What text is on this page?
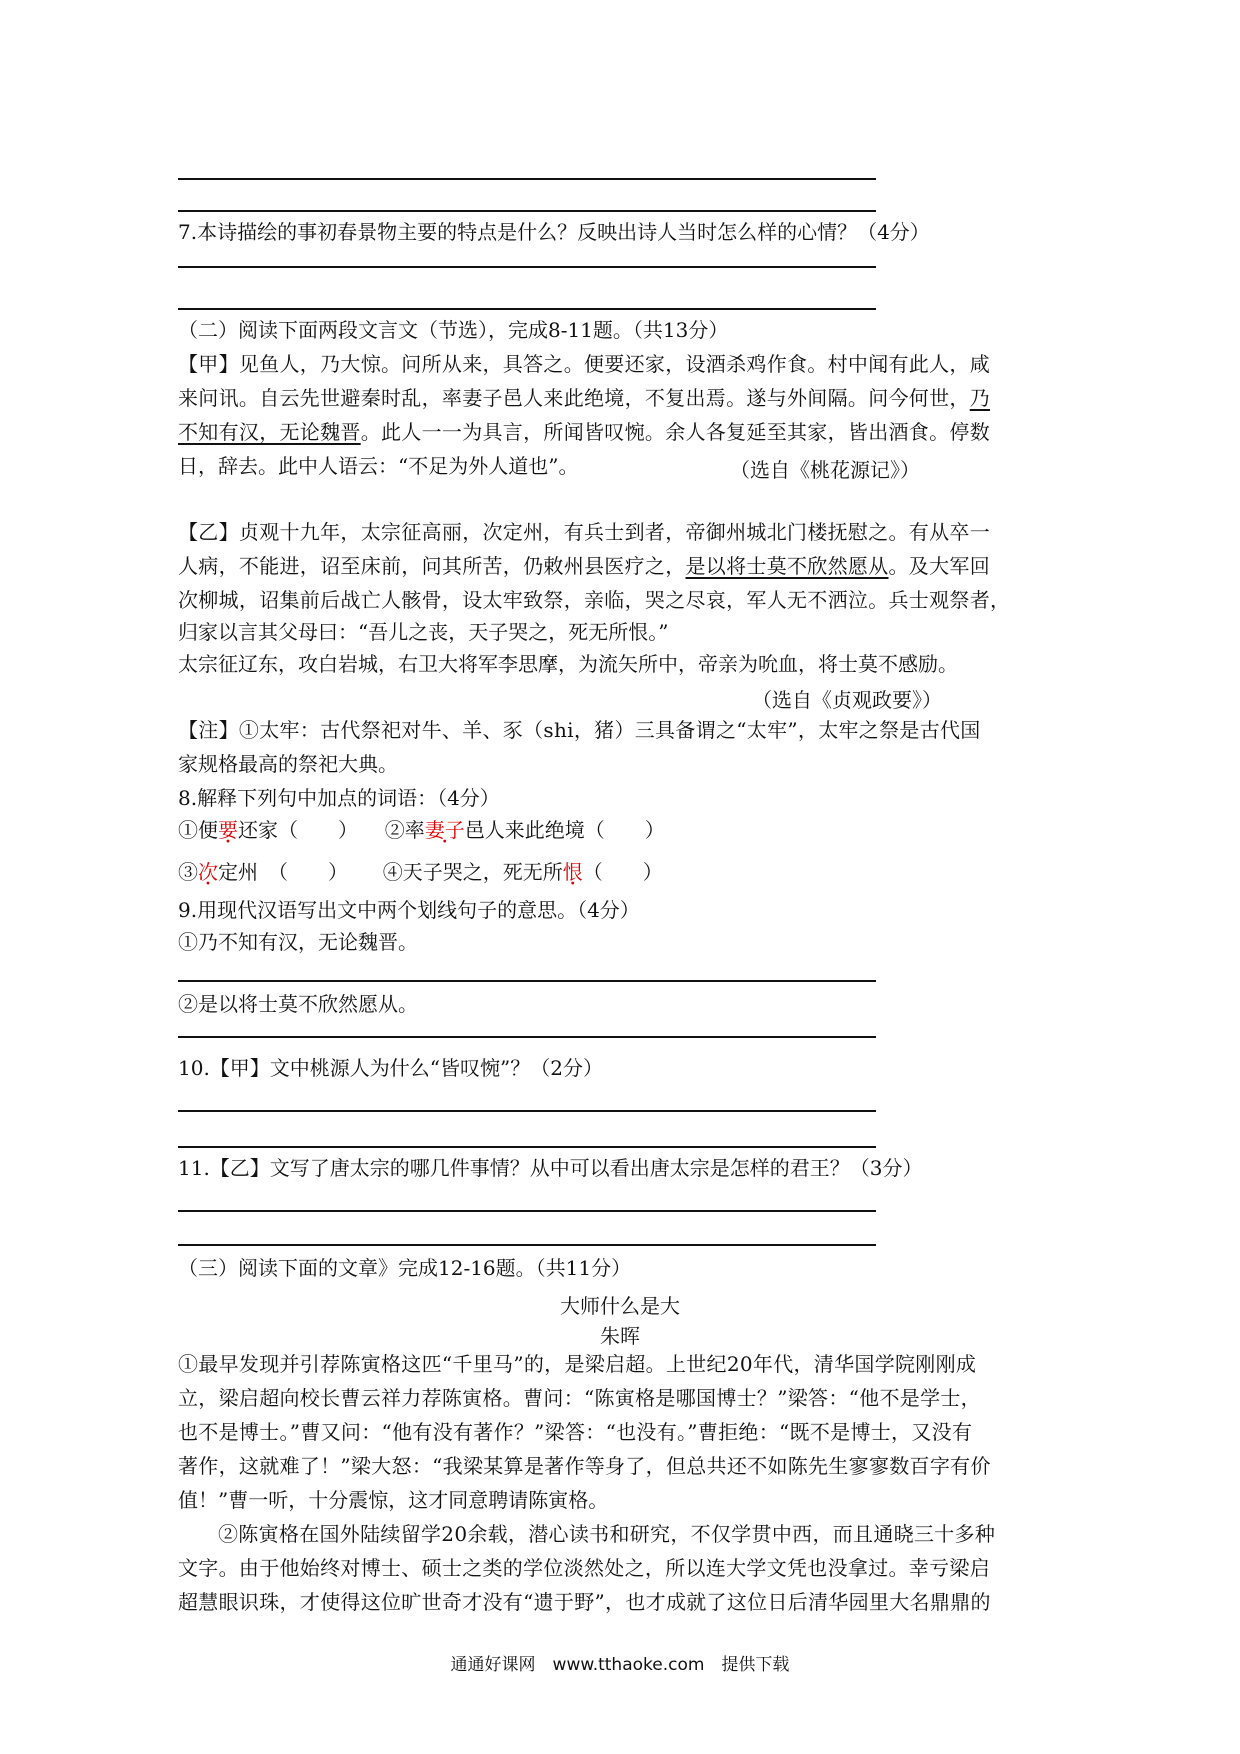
7.本诗描绘的事初春景物主要的特点是什么？反映出诗人当时怎么样的心情？（4分）
（二）阅读下面两段文言文（节选），完成8-11题。（共13分）
【甲】见鱼人，乃大惊。问所从来，具答之。便要还家，设酒杀鸡作食。村中闻有此人，咸
来问讯。自云先世避秦时乱，率妻子邑人来此绝境，不复出焉。遂与外间隔。问今何世，乃
不知有汉，无论魏晋。此人一一为具言，所闻皆叹惋。余人各复延至其家，皆出酒食。停数
日，辞去。此中人语云：“不足为外人道也”。	（选自《桃花源记》）
【乙】贞观十九年，太宗征高丽，次定州，有兵士到者，帝御州城北门楼抚慰之。有从卒一
人病，不能进，诏至床前，问其所苦，仍敕州县医疗之，是以将士莫不欣然愿从。及大军回
次柳城，诏集前后战亡人骸骨，设太牢致祭，亲临，哭之尽哀，军人无不洒泣。兵士观祭者，
归家以言其父母曰：“吾儿之丧，天子哭之，死无所恨。”
太宗征辽东，攻白岩城，右卫大将军李思摩，为流矢所中，帝亲为吮血，将士莫不感励。
（选自《贞观政要》）
【注】①太牢：古代祭祀对牛、羊、豕（shi，猪）三具备谓之“太牢”，太牢之祭是古代国
家规格最高的祭祀大典。
8.解释下列句中加点的词语：（4分）
①便要还家（　　） ②率妻子邑人来此绝境（　　）
③次定州　（　　） ④天子哭之，死无所恨（　　）
9.用现代汉语写出文中两个划线句子的意思。（4分）
①乃不知有汉，无论魏晋。
②是以将士莫不欣然愿从。
10.【甲】文中桃源人为什么“皆叹惋”？（2分）
11.【乙】文写了唐太宗的哪几件事情？从中可以看出唐太宗是怎样的君王？（3分）
（三）阅读下面的文章》完成12-16题。（共11分）
大师什么是大
朱晖
①最早发现并引荐陈寅格这匹“千里马”的，是梁启超。上世纪20年代，清华国学院刚刚成
立，梁启超向校长曹云祥力荐陈寅格。曹问：“陈寅格是哪国博士？”梁答：“他不是学士，
也不是博士。”曹又问：“他有没有著作？”梁答：“也没有。”曹拒绝：“既不是博士，又没有
著作，这就难了！”梁大怒：“我梁某算是著作等身了，但总共还不如陈先生寥寥数百字有价
值！”曹一听，十分震惊，这才同意聘请陈寅格。
②陈寅格在国外陆续留学20余载，潜心读书和研究，不仅学贯中西，而且通晓三十多种
文字。由于他始终对博士、硕士之类的学位淡然处之，所以连大学文凭也没拿过。幸亏梁启
超慧眼识珠，才使得这位旷世奇才没有“遗于野”，也才成就了这位日后清华园里大名鼎鼎的
通通好课网　www.tthaoke.com　提供下载
